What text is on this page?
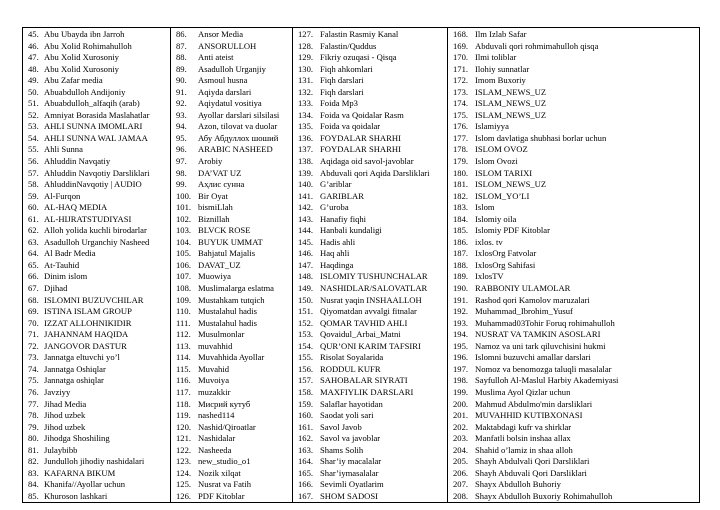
45. Abu Ubayda ibn Jarroh
46. Abu Xolid Rohimahulloh
47. Abu Xolid Xurosoniy
48. Abu Xolid Xurosoniy
49. Abu Zafar media
50. Abuabdulloh Andijoniy
51. Abuabdulloh_alfaqih (arab)
52. Amniyat Borasida Maslahatlar
53. AHLI SUNNA IMOMLARI
54. AHLI SUNNA WAL JAMAA
55. Ahli Sunna
56. Ahluddin Navqatiy
57. Ahluddin Navqotiy Darsliklari
58. AhluddinNavqotiy | AUDIO
59. Al-Furqon
60. AL-HAQ MEDIA
61. AL-HIJRATSTUDIYASI
62. Alloh yolida kuchli birodarlar
63. Asadulloh Urganchiy Nasheed
64. Al Badr Media
65. At-Tauhid
66. Dinim islom
67. Djihad
68. ISLOMNI BUZUVCHILAR
69. ISTINA ISLAM GROUP
70. IZZAT ALLOHNIKIDIR
71. JAHANNAM HAQIDA
72. JANGOVOR DASTUR
73. Jannatga eltuvchi yo’l
74. Jannatga Oshiqlar
75. Jannatga oshiqlar
76. Javziyy
77. Jihad Media
78. Jihod uzbek
79. Jihod uzbek
80. Jihodga Shoshiling
81. Julaybibb
82. Jundulloh jihodiy nashidalari
83. KAFARNA BIKUM
84. Khanifa//Ayollar uchun
85. Khuroson lashkari

86.	Ansor Media
87.	ANSORULLOH
88.	Anti ateist
89.	Asadulloh Urganjiy
90.	Asmoul husna
91.	Aqiyda darslari
92.	Aqiydatul vositiya
93.	Ayollar darslari silsilasi
94.	Azon, tilovat va duolar
95.	Абу Абдуллох шоший
96.	ARABIC NASHEED
97.	Arobiy
98.	DA’VAT UZ
99.	Аҳлис сунна
100. Bir Oyat
101. bismiLlah
102. Biznillah
103. BLVCK ROSE
104. BUYUK UMMAT
105. Bahjatul Majalis
106. DAVAT_UZ
107. Muowiya
108. Muslimalarga eslatma
109. Mustahkam tutqich
110. Mustalahul hadis
111. Mustalahul hadis
112. Musulmonlar
113. muvahhid
114. Muvahhida Ayollar
115. Muvahid
116. Muvoiya
117. muzakkir
118. Мисрий кутуб
119. nashed114
120. Nashid/Qiroatlar
121. Nashidalar
122. Nasheeda
123. new_studio_o1
124. Nozik xilqat
125. Nusrat va Fatih
126. PDF Kitoblar

127. Falastin Rasmiy Kanal
128. Falastin/Quddus
129. Fikriy ozuqasi - Qisqa
130. Fiqh ahkomlari
131. Fiqh darslari
132. Fiqh darslari
133. Foida Mp3
134. Foida va Qoidalar Rasm
135. Foida va qoidalar
136. FOYDALAR SHARHI
137. FOYDALAR SHARHI
138. Aqidaga oid savol-javoblar
139. Abduvali qori Aqida Darsliklari
140. G’ariblar
141. GARIBLAR
142. G’uroba
143. Hanafiy fiqhi
144. Hanbali kundaligi
145. Hadis ahli
146. Haq ahli
147. Haqdinga
148. ISLOMIY TUSHUNCHALAR
149. NASHIDLAR/SALOVATLAR
150. Nusrat yaqin INSHAALLOH
151. Qiyomatdan avvalgi fitnalar
152. QOMAR TAVHID AHLI
153. Qovaidul_Arbai_Matni
154. QUR’ONI KARIM TAFSIRI
155. Risolat Soyalarida
156. RODDUL KUFR
157. SAHOBALAR SIYRATI
158. MAXFIYLIK DARSLARI
159. Salaflar hayotidan
160. Saodat yoli sari
161. Savol Javob
162. Savol va javoblar
163. Shams Solih
164. Shar’iy macalalar
165. Shar’iymasalalar
166. Sevimli Oyatlarim
167. SHOM SADOSI

168. Ilm Izlab Safar
169. Abduvali qori rohmimahulloh qisqa
170. Ilmi toliblar
171. Ilohiy sunnatlar
172. Imom Buxoriy
173. ISLAM_NEWS_UZ
174. ISLAM_NEWS_UZ
175. ISLAM_NEWS_UZ
176. Islamiyya
177. Islom davlatiga shubhasi borlar uchun
178. ISLOM OVOZ
179. Islom Ovozi
180. ISLOM TARIXI
181. ISLOM_NEWS_UZ
182. ISLOM_YO’LI
183. Islom
184. Islomiy oila
185. Islomiy PDF Kitoblar
186. ixlos. tv
187. IxlosOrg Fatvolar
188. IxlosOrg Sahifasi
189. IxlosTV
190. RABBONIY ULAMOLAR
191. Rashod qori Kamolov maruzalari
192. Muhammad_Ibrohim_Yusuf
193. Muhammad03Tohir Foruq rohimahulloh
194. NUSRAT VA TAMKIN ASOSLARI
195. Namoz va uni tark qiluvchisini hukmi
196. Islomni buzuvchi amallar darslari
197. Nomoz va benomozga taluqli masalalar
198. Sayfulloh Al-Maslul Harbiy Akademiyasi
199. Muslima Ayol Qizlar uchun
200. Mahmud Abdulmo'min darsliklari
201. MUVAHHID KUTIBXONASI
202. Maktabdagi kufr va shirklar
203. Manfatli bolsin inshaa allax
204. Shahid o’lamiz in shaa alloh
205. Shayh Abdulvali Qori Darsliklari
206. Shayh Abduvali Qori Darsliklari
207. Shayx Abdulloh Buhoriy
208. Shayx Abdulloh Buxoriy Rohimahulloh
